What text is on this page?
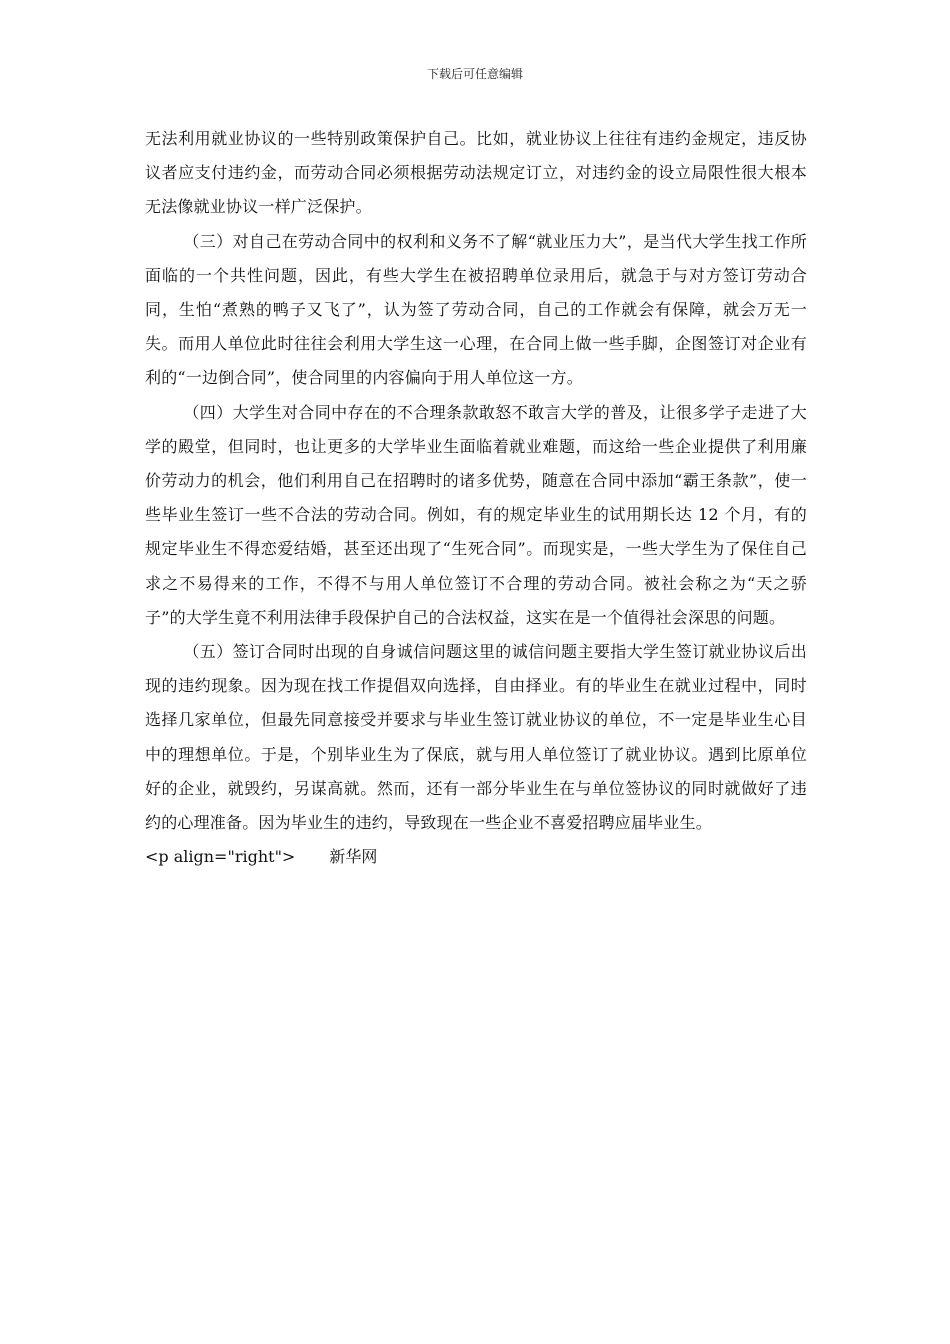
下载后可任意编辑

无法利用就业协议的一些特别政策保护自己。比如，就业协议上往往有违约金规定，违反协议者应支付违约金，而劳动合同必须根据劳动法规定订立，对违约金的设立局限性很大根本无法像就业协议一样广泛保护。

（三）对自己在劳动合同中的权利和义务不了解“就业压力大”，是当代大学生找工作所面临的一个共性问题，因此，有些大学生在被招聘单位录用后，就急于与对方签订劳动合同，生怕“煮熟的鸭子又飞了”，认为签了劳动合同，自己的工作就会有保障，就会万无一失。而用人单位此时往往会利用大学生这一心理，在合同上做一些手脚，企图签订对企业有利的“一边倒合同”，使合同里的内容偏向于用人单位这一方。

（四）大学生对合同中存在的不合理条款敢怒不敢言大学的普及，让很多学子走进了大学的殿堂，但同时，也让更多的大学毕业生面临着就业难题，而这给一些企业提供了利用廉价劳动力的机会，他们利用自己在招聘时的诸多优势，随意在合同中添加“霸王条款”，使一些毕业生签订一些不合法的劳动合同。例如，有的规定毕业生的试用期长达 12 个月，有的规定毕业生不得恋爱结婚，甚至还出现了“生死合同”。而现实是，一些大学生为了保住自己求之不易得来的工作，不得不与用人单位签订不合理的劳动合同。被社会称之为“天之骄子”的大学生竟不利用法律手段保护自己的合法权益，这实在是一个值得社会深思的问题。

（五）签订合同时出现的自身诚信问题这里的诚信问题主要指大学生签订就业协议后出现的违约现象。因为现在找工作提倡双向选择，自由择业。有的毕业生在就业过程中，同时选择几家单位，但最先同意接受并要求与毕业生签订就业协议的单位，不一定是毕业生心目中的理想单位。于是，个别毕业生为了保底，就与用人单位签订了就业协议。遇到比原单位好的企业，就毁约，另谋高就。然而，还有一部分毕业生在与单位签协议的同时就做好了违约的心理准备。因为毕业生的违约，导致现在一些企业不喜爱招聘应届毕业生。

<p align="right"> 新华网
